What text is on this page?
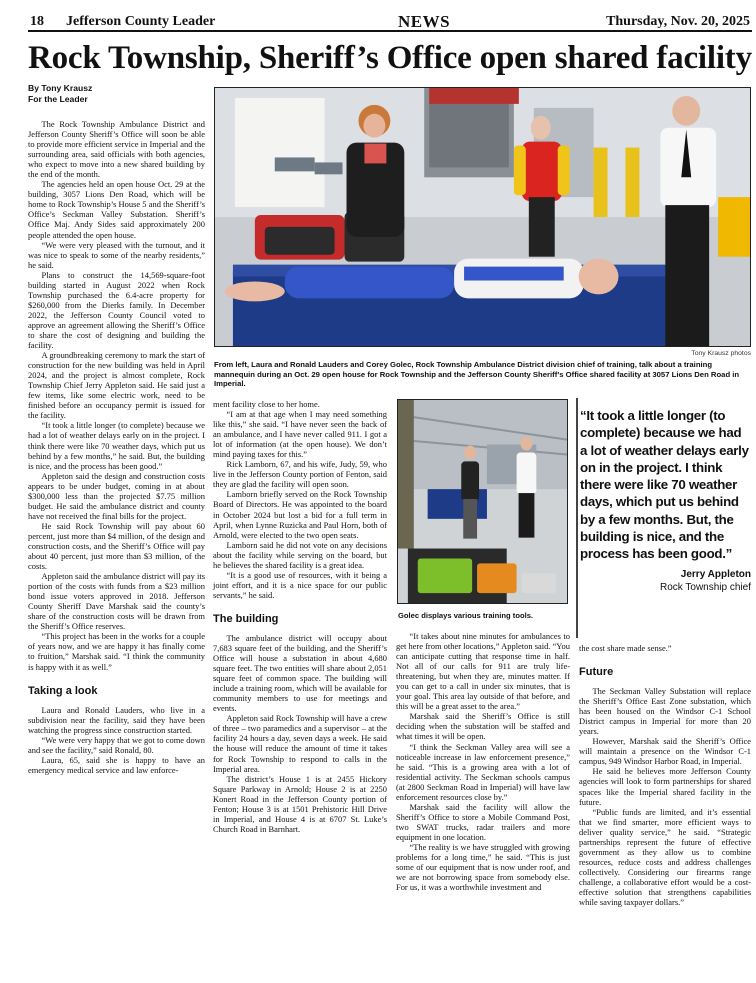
18 Jefferson County Leader	NEWS	Thursday, Nov. 20, 2025
Rock Township, Sheriff’s Office open shared facility
By Tony Krausz
For the Leader

The Rock Township Ambulance District and Jefferson County Sheriff’s Office will soon be able to provide more efficient service in Imperial and the surrounding area, said officials with both agencies, who expect to move into a new shared building by the end of the month.

The agencies held an open house Oct. 29 at the building, 3057 Lions Den Road, which will be home to Rock Township’s House 5 and the Sheriff’s Office’s Seckman Valley Substation. Sheriff’s Office Maj. Andy Sides said approximately 200 people attended the open house.

“We were very pleased with the turnout, and it was nice to speak to some of the nearby residents,” he said.

Plans to construct the 14,569-square-foot building started in August 2022 when Rock Township purchased the 6.4-acre property for $260,000 from the Dierks family. In December 2022, the Jefferson County Council voted to approve an agreement allowing the Sheriff’s Office to share the cost of designing and building the facility.

A groundbreaking ceremony to mark the start of construction for the new building was held in April 2024, and the project is almost complete, Rock Township Chief Jerry Appleton said. He said just a few items, like some electric work, need to be finished before an occupancy permit is issued for the facility.

“It took a little longer (to complete) because we had a lot of weather delays early on in the project. I think there were like 70 weather days, which put us behind by a few months,” he said. But, the building is nice, and the process has been good.”

Appleton said the design and construction costs appears to be under budget, coming in at about $300,000 less than the projected $7.75 million budget. He said the ambulance district and county have not received the final bills for the project.

He said Rock Township will pay about 60 percent, just more than $4 million, of the design and construction costs, and the Sheriff’s Office will pay about 40 percent, just more than $3 million, of the costs.

Appleton said the ambulance district will pay its portion of the costs with funds from a $23 million bond issue voters approved in 2018. Jefferson County Sheriff Dave Marshak said the county’s share of the construction costs will be drawn from the Sheriff’s Office reserves.

“This project has been in the works for a couple of years now, and we are happy it has finally come to fruition,” Marshak said. “I think the community is happy with it as well.”

Taking a look

Laura and Ronald Lauders, who live in a subdivision near the facility, said they have been watching the progress since construction started.

“We were very happy that we got to come down and see the facility,” said Ronald, 80.

Laura, 65, said she is happy to have an emergency medical service and law enforce-

Tony Krausz photos
From left, Laura and Ronald Lauders and Corey Golec, Rock Township Ambulance District division chief of training, talk about a training mannequin during an Oct. 29 open house for Rock Township and the Jefferson County Sheriff’s Office shared facility at 3057 Lions Den Road in Imperial.

ment facility close to her home.

“I am at that age when I may need something like this,” she said. “I have never seen the back of an ambulance, and I have never called 911. I got a lot of information (at the open house). We don’t mind paying taxes for this.”

Rick Lamborn, 67, and his wife, Judy, 59, who live in the Jefferson County portion of Fenton, said they are glad the facility will open soon.

Lamborn briefly served on the Rock Township Board of Directors. He was appointed to the board in October 2024 but lost a bid for a full term in April, when Lynne Ruzicka and Paul Horn, both of Arnold, were elected to the two open seats.

Lamborn said he did not vote on any decisions about the facility while serving on the board, but he believes the shared facility is a great idea.

“It is a good use of resources, with it being a joint effort, and it is a nice space for our public servants,” he said.

The building

The ambulance district will occupy about 7,683 square feet of the building, and the Sheriff’s Office will house a substation in about 4,680 square feet. The two entities will share about 2,051 square feet of common space. The building will include a training room, which will be available for community members to use for meetings and events.

Appleton said Rock Township will have a crew of three – two paramedics and a supervisor – at the facility 24 hours a day, seven days a week. He said the house will reduce the amount of time it takes for Rock Township to respond to calls in the Imperial area.

The district’s House 1 is at 2455 Hickory Square Parkway in Arnold; House 2 is at 2250 Konert Road in the Jefferson County portion of Fenton; House 3 is at 1501 Prehistoric Hill Drive in Imperial, and House 4 is at 6707 St. Luke’s Church Road in Barnhart.

Golec displays various training tools.
“It took a little longer (to complete) because we had a lot of weather delays early on in the project. I think there were like 70 weather days, which put us behind by a few months. But, the building is nice, and the process has been good.”
Jerry Appleton
Rock Township chief

“It takes about nine minutes for ambulances to get here from other locations,” Appleton said. “You can anticipate cutting that response time in half. Not all of our calls for 911 are truly life-threatening, but when they are, minutes matter. If you can get to a call in under six minutes, that is your goal. This area lay outside of that before, and this will be a great asset to the area.”

Marshak said the Sheriff’s Office is still deciding when the substation will be staffed and what times it will be open.

“I think the Seckman Valley area will see a noticeable increase in law enforcement presence,” he said. “This is a growing area with a lot of residential activity. The Seckman schools campus (at 2800 Seckman Road in Imperial) will have law enforcement resources close by.”

Marshak said the facility will allow the Sheriff’s Office to store a Mobile Command Post, two SWAT trucks, radar trailers and more equipment in one location.

“The reality is we have struggled with growing problems for a long time,” he said. “This is just some of our equipment that is now under roof, and we are not borrowing space from somebody else. For us, it was a worthwhile investment and

the cost share made sense.”

Future

The Seckman Valley Substation will replace the Sheriff’s Office East Zone substation, which has been housed on the Windsor C-1 School District campus in Imperial for more than 20 years.

However, Marshak said the Sheriff’s Office will maintain a presence on the Windsor C-1 campus, 949 Windsor Harbor Road, in Imperial.

He said he believes more Jefferson County agencies will look to form partnerships for shared spaces like the Imperial shared facility in the future.

“Public funds are limited, and it’s essential that we find smarter, more efficient ways to deliver quality service,” he said. “Strategic partnerships represent the future of effective government as they allow us to combine resources, reduce costs and address challenges collectively. Considering our firearms range challenge, a collaborative effort would be a cost-effective solution that strengthens capabilities while saving taxpayer dollars.”
